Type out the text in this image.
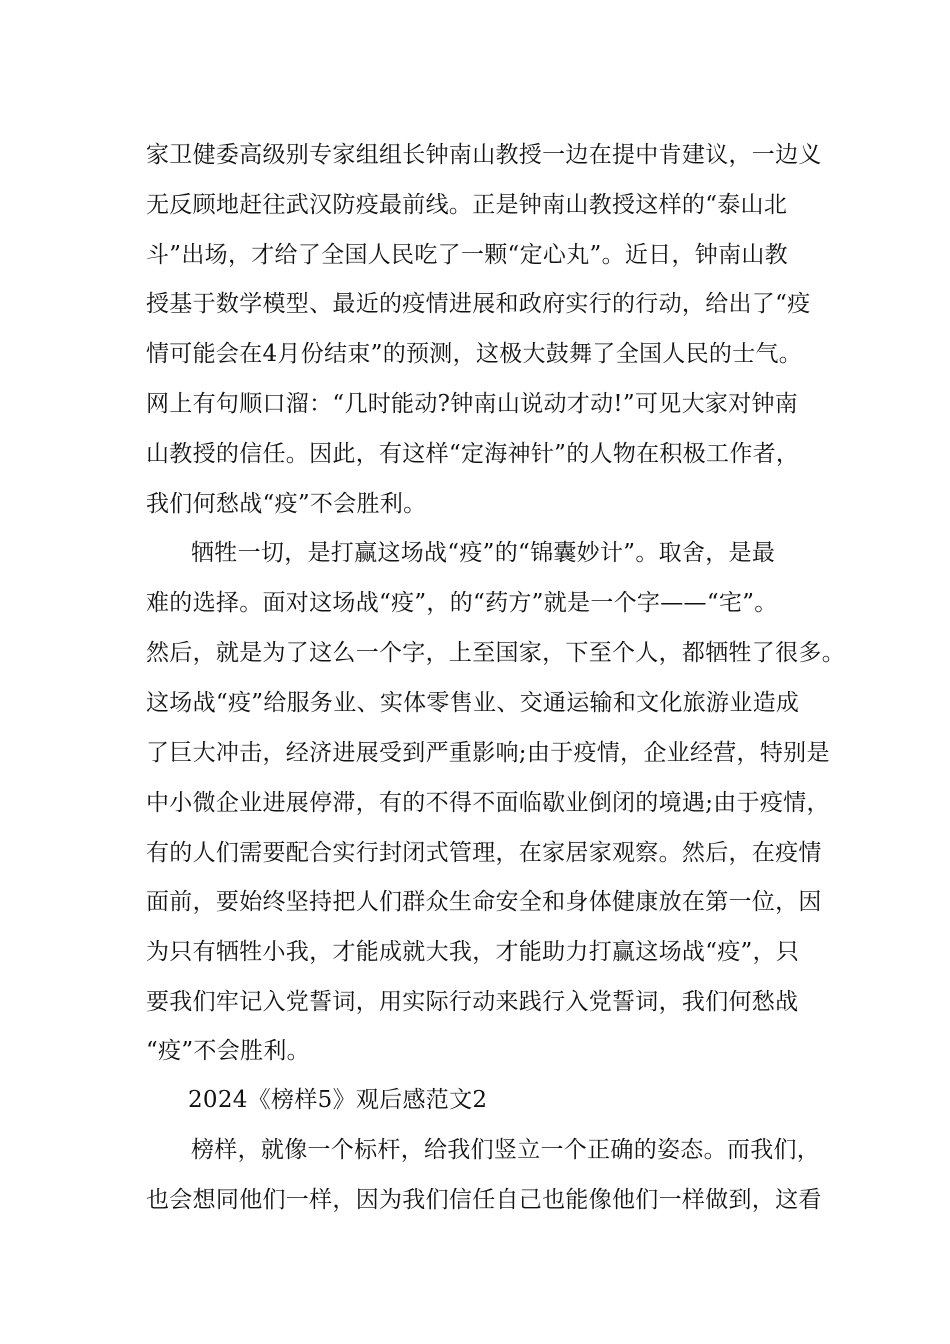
家卫健委高级别专家组组长钟南山教授一边在提中肯建议，一边义
无反顾地赶往武汉防疫最前线。正是钟南山教授这样的“泰山北
斗”出场，才给了全国人民吃了一颗“定心丸”。近日，钟南山教
授基于数学模型、最近的疫情进展和政府实行的行动，给出了“疫
情可能会在4月份结束”的预测，这极大鼓舞了全国人民的士气。
网上有句顺口溜：“几时能动?钟南山说动才动!”可见大家对钟南
山教授的信任。因此，有这样“定海神针”的人物在积极工作者，
我们何愁战“疫”不会胜利。
牺牲一切，是打赢这场战“疫”的“锦囊妙计”。取舍，是最
难的选择。面对这场战“疫”，的“药方”就是一个字——“宅”。
然后，就是为了这么一个字，上至国家，下至个人，都牺牲了很多。
这场战“疫”给服务业、实体零售业、交通运输和文化旅游业造成
了巨大冲击，经济进展受到严重影响;由于疫情，企业经营，特别是
中小微企业进展停滞，有的不得不面临歇业倒闭的境遇;由于疫情，
有的人们需要配合实行封闭式管理，在家居家观察。然后，在疫情
面前，要始终坚持把人们群众生命安全和身体健康放在第一位，因
为只有牺牲小我，才能成就大我，才能助力打赢这场战“疫”，只
要我们牢记入党誓词，用实际行动来践行入党誓词，我们何愁战
“疫”不会胜利。
2024《榜样5》观后感范文2
榜样，就像一个标杆，给我们竖立一个正确的姿态。而我们，
也会想同他们一样，因为我们信任自己也能像他们一样做到，这看
